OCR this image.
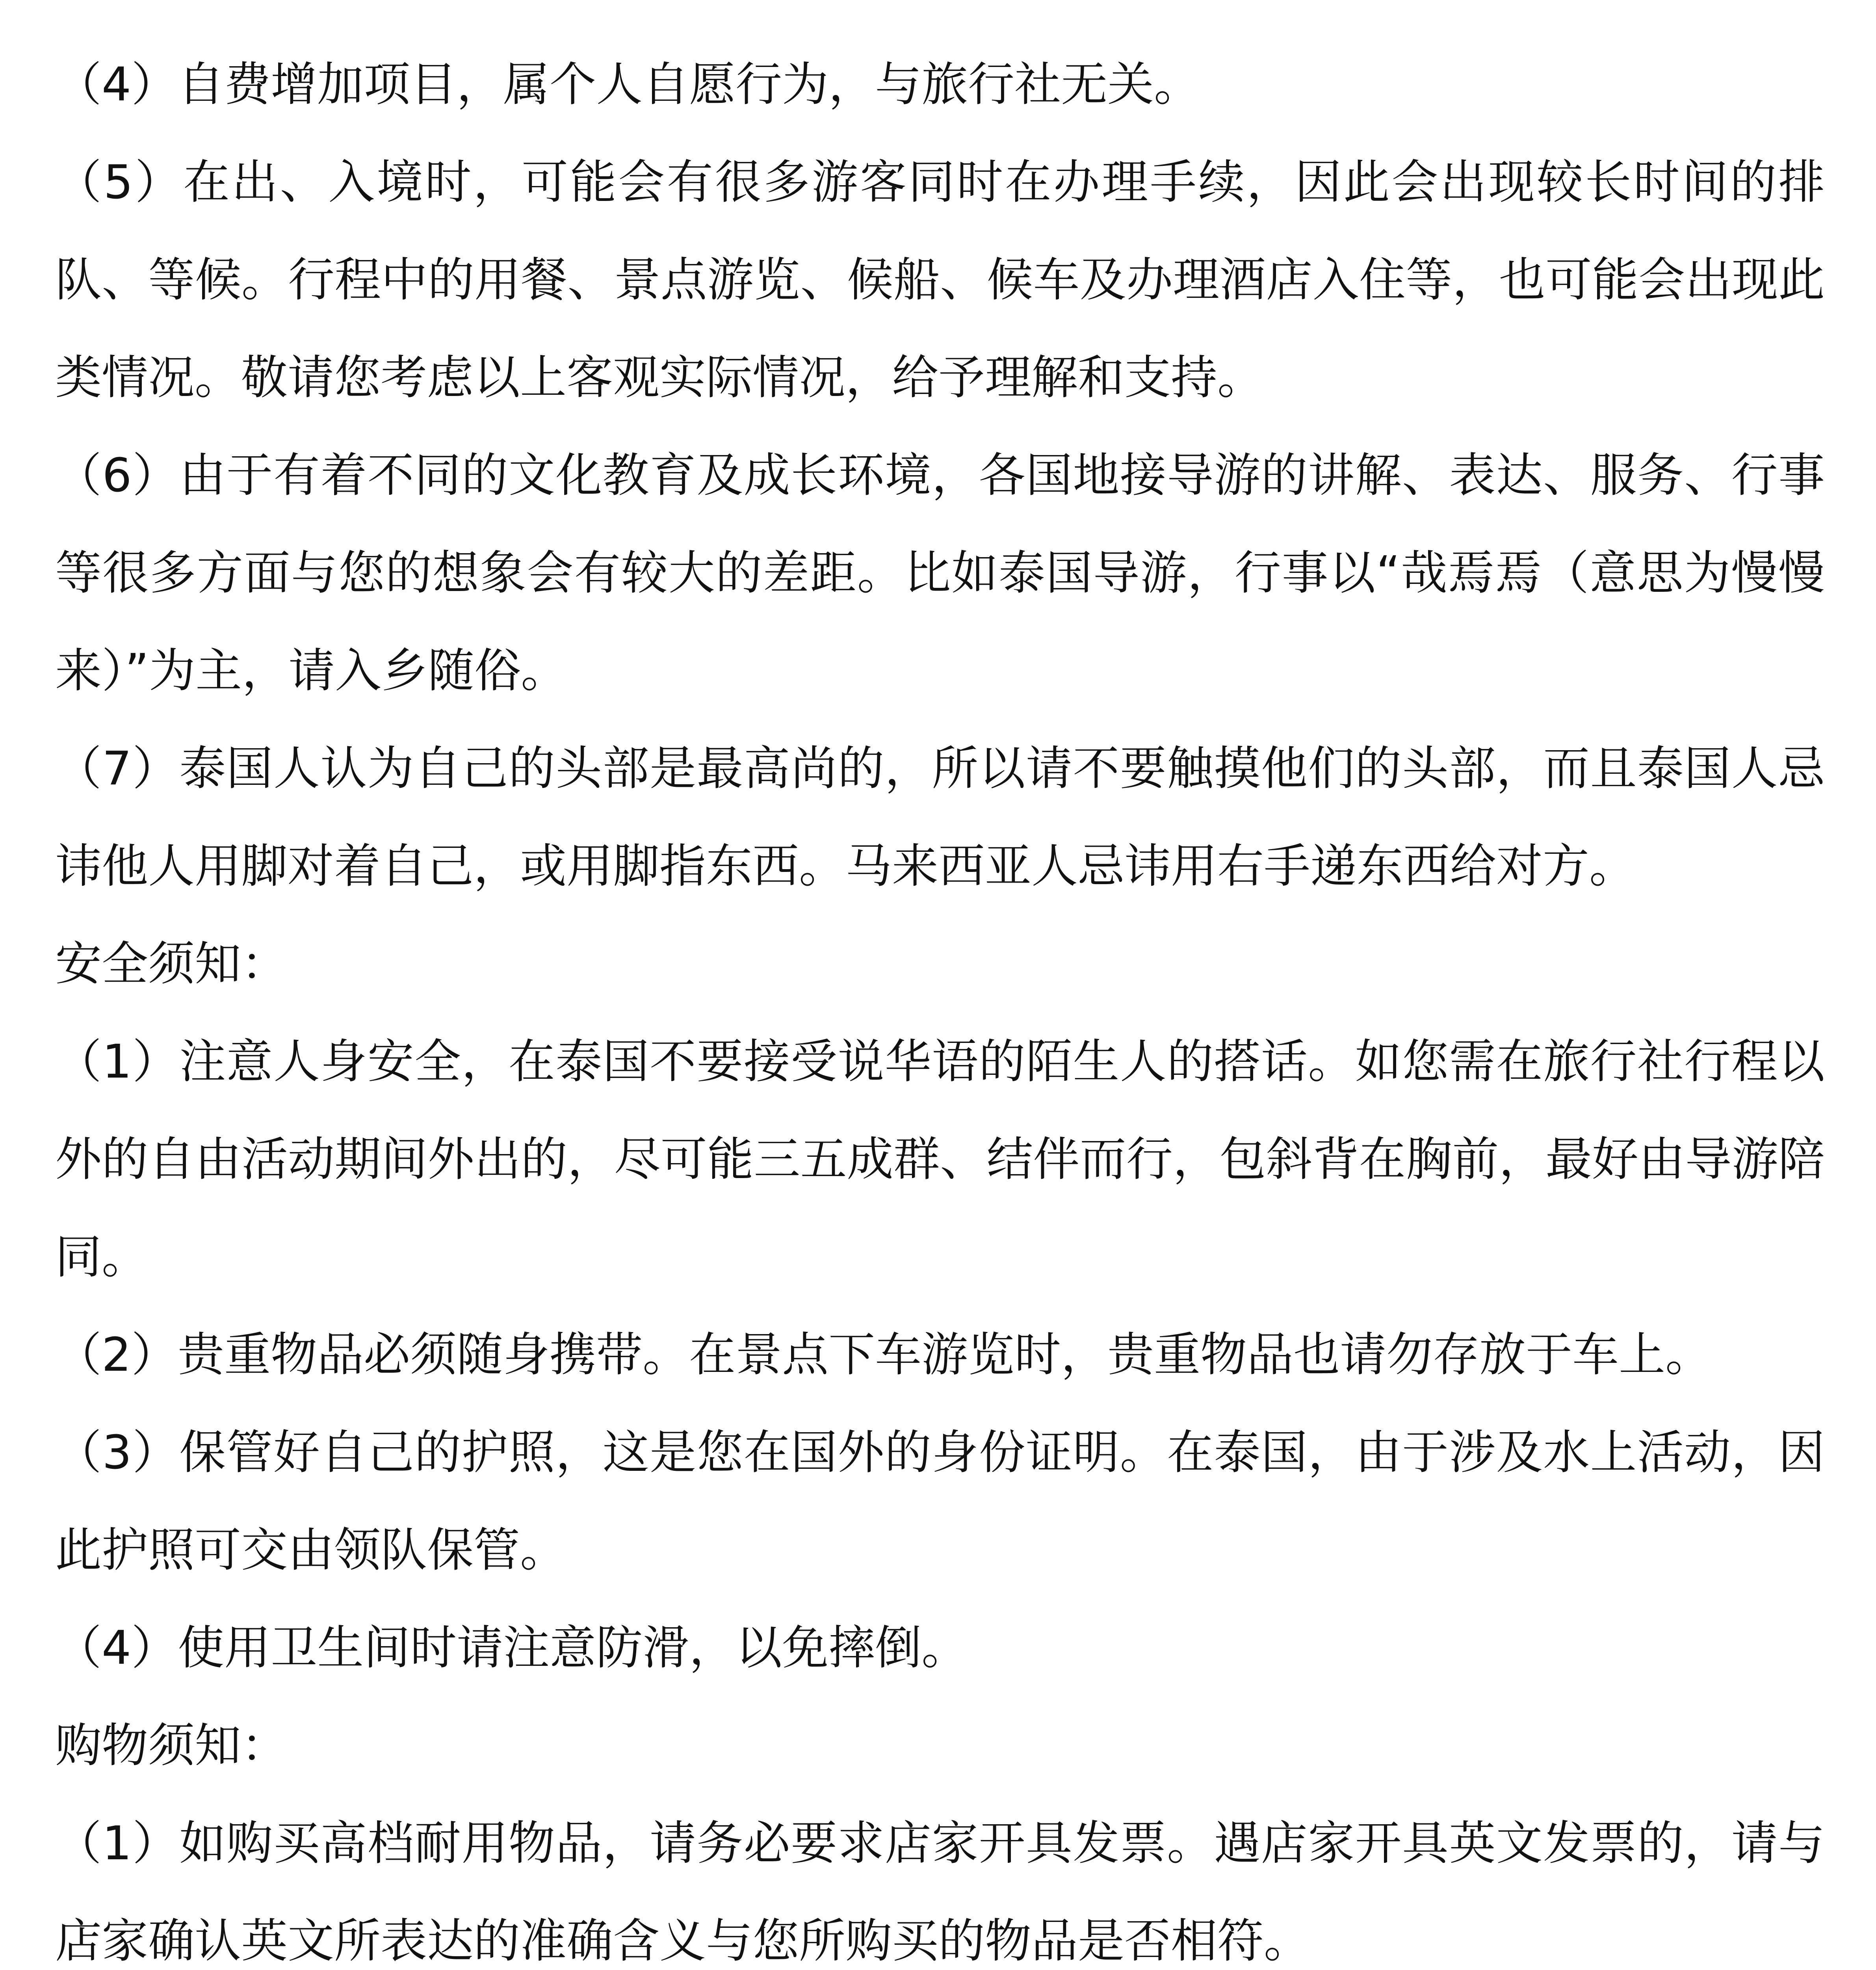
（4）自费增加项目，属个人自愿行为，与旅行社无关。

（5）在出、入境时，可能会有很多游客同时在办理手续，因此会出现较长时间的排队、等候。行程中的用餐、景点游览、候船、候车及办理酒店入住等，也可能会出现此类情况。敬请您考虑以上客观实际情况，给予理解和支持。

（6）由于有着不同的文化教育及成长环境，各国地接导游的讲解、表达、服务、行事等很多方面与您的想象会有较大的差距。比如泰国导游，行事以“哉焉焉（意思为慢慢来）”为主，请入乡随俗。

（7）泰国人认为自己的头部是最高尚的，所以请不要触摸他们的头部，而且泰国人忌讳他人用脚对着自己，或用脚指东西。马来西亚人忌讳用右手递东西给对方。

安全须知：

（1）注意人身安全，在泰国不要接受说华语的陌生人的搭话。如您需在旅行社行程以外的自由活动期间外出的，尽可能三五成群、结伴而行，包斜背在胸前，最好由导游陪同。

（2）贵重物品必须随身携带。在景点下车游览时，贵重物品也请勿存放于车上。

（3）保管好自己的护照，这是您在国外的身份证明。在泰国，由于涉及水上活动，因此护照可交由领队保管。

（4）使用卫生间时请注意防滑，以免摔倒。

购物须知：

（1）如购买高档耐用物品，请务必要求店家开具发票。遇店家开具英文发票的，请与店家确认英文所表达的准确含义与您所购买的物品是否相符。
